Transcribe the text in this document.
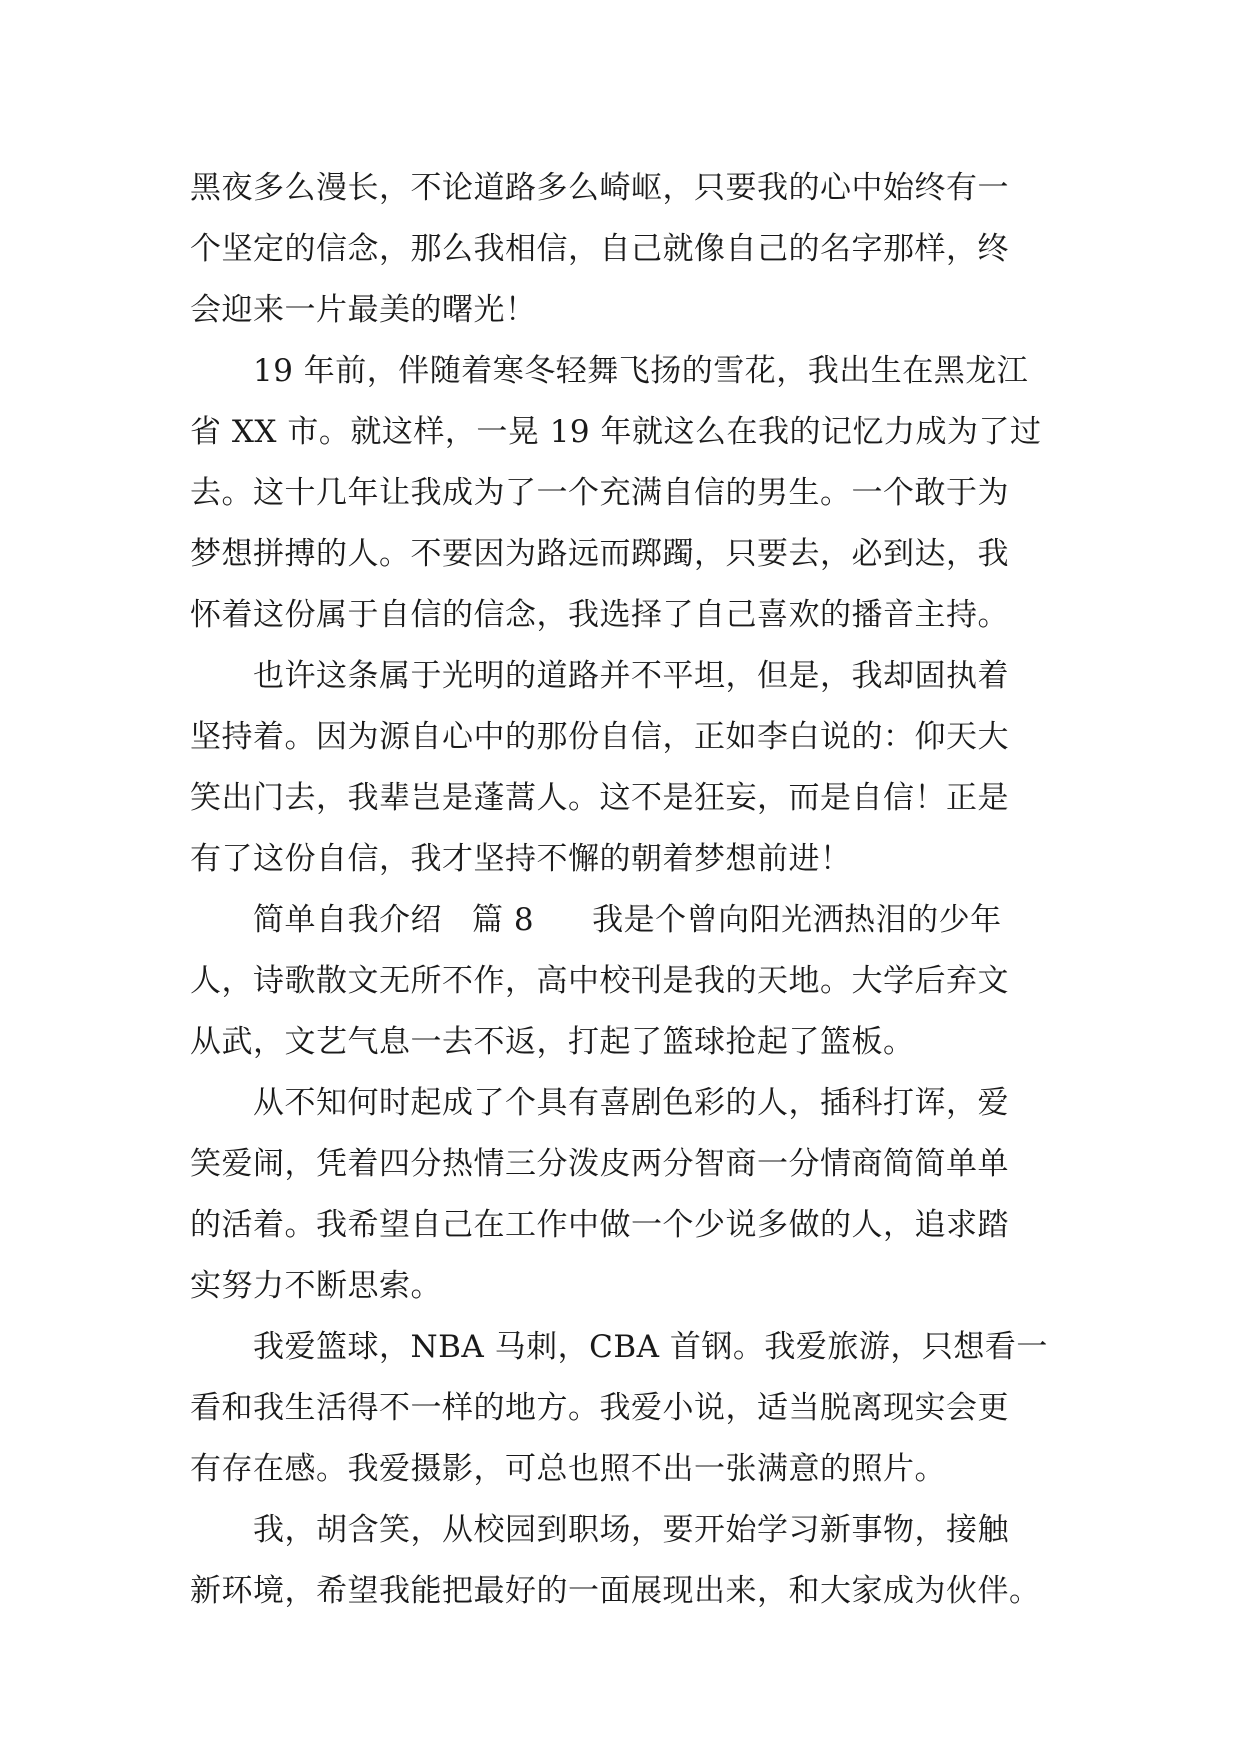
黑夜多么漫长，不论道路多么崎岖，只要我的心中始终有一
个坚定的信念，那么我相信，自己就像自己的名字那样，终
会迎来一片最美的曙光！
19 年前，伴随着寒冬轻舞飞扬的雪花，我出生在黑龙江
省 XX 市。就这样，一晃 19 年就这么在我的记忆力成为了过
去。这十几年让我成为了一个充满自信的男生。一个敢于为
梦想拼搏的人。不要因为路远而踯躅，只要去，必到达，我
怀着这份属于自信的信念，我选择了自己喜欢的播音主持。
也许这条属于光明的道路并不平坦，但是，我却固执着
坚持着。因为源自心中的那份自信，正如李白说的：仰天大
笑出门去，我辈岂是蓬蒿人。这不是狂妄，而是自信！正是
有了这份自信，我才坚持不懈的朝着梦想前进！
简单自我介绍 篇 8 我是个曾向阳光洒热泪的少年
人，诗歌散文无所不作，高中校刊是我的天地。大学后弃文
从武，文艺气息一去不返，打起了篮球抢起了篮板。
从不知何时起成了个具有喜剧色彩的人，插科打诨，爱
笑爱闹，凭着四分热情三分泼皮两分智商一分情商简简单单
的活着。我希望自己在工作中做一个少说多做的人，追求踏
实努力不断思索。
我爱篮球，NBA 马刺，CBA 首钢。我爱旅游，只想看一
看和我生活得不一样的地方。我爱小说，适当脱离现实会更
有存在感。我爱摄影，可总也照不出一张满意的照片。
我，胡含笑，从校园到职场，要开始学习新事物，接触
新环境，希望我能把最好的一面展现出来，和大家成为伙伴。
